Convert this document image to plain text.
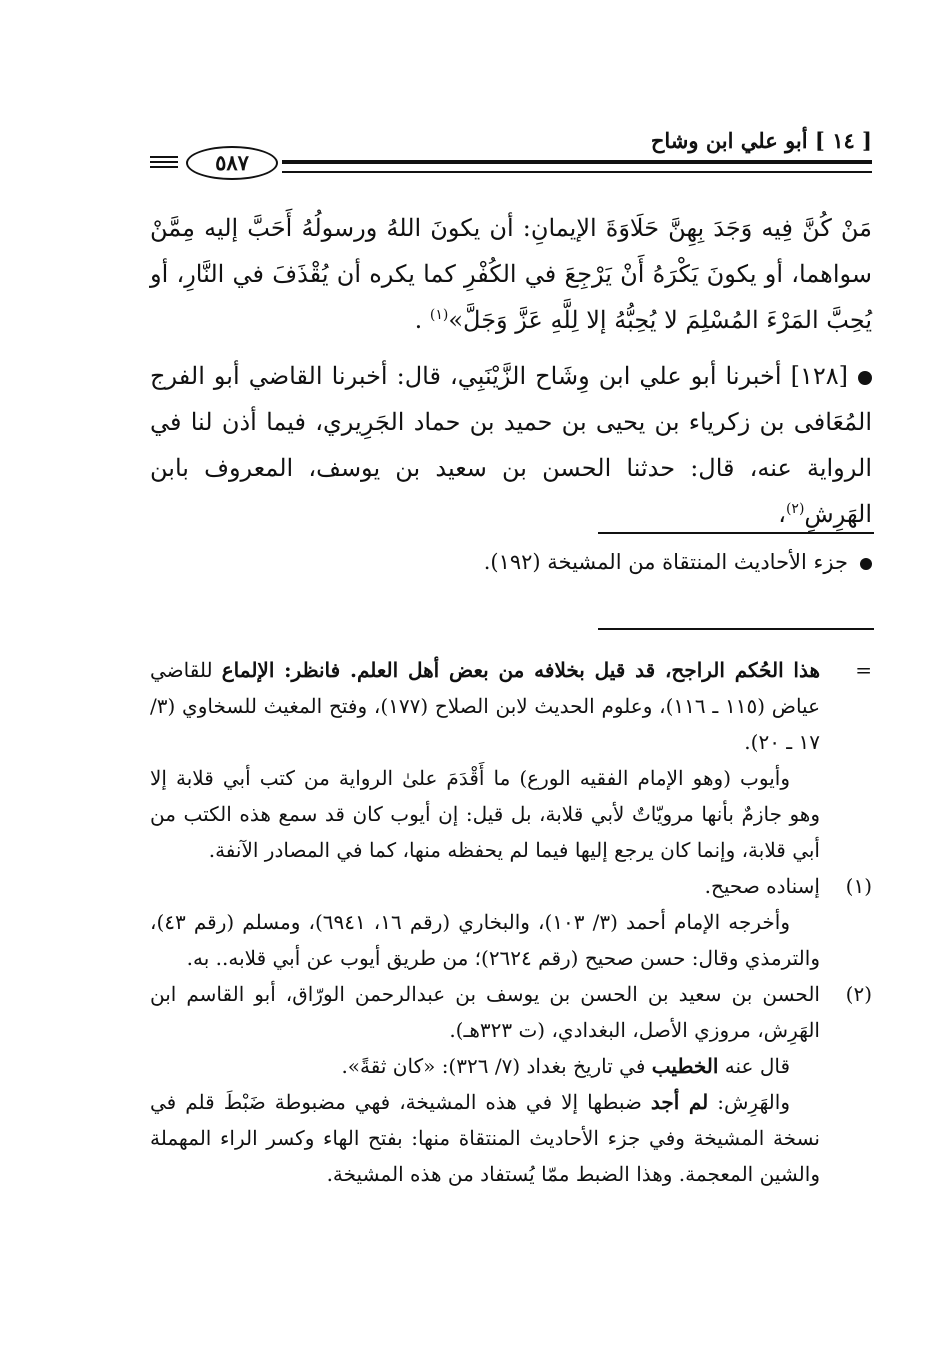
[ ١٤ ] أبو علي ابن وشاح
٥٨٧

مَنْ كُنَّ فِيه وَجَدَ بِهِنَّ حَلَاوَةَ الإيمانِ: أن يكونَ اللهُ ورسولُهُ أَحَبَّ إليه مِمَّنْ سواهما، أو يكونَ يَكْرَهُ أَنْ يَرْجِعَ في الكُفْرِ كما يكره أن يُقْذَفَ في النَّارِ، أو يُحِبَّ المَرْءَ المُسْلِمَ لا يُحِبُّهُ إلا لِلَّهِ عَزَّ وَجَلَّ»$^{(١)}$ .

[١٢٨] أخبرنا أبو علي ابن وِشَاح الزَّيْنَبِي، قال: أخبرنا القاضي أبو الفرج المُعَافى بن زكرياء بن يحيى بن حميد بن حماد الجَرِيري، فيما أذن لنا في الرواية عنه، قال: حدثنا الحسن بن سعيد بن يوسف، المعروف بابن الهَرِشِ$^{(٢)}$،

جزء الأحاديث المنتقاة من المشيخة (١٩٢).
=

هذا الحُكم الراجح، قد قيل بخلافه من بعض أهل العلم. فانظر: الإلماع للقاضي عياض (١١٥ ـ ١١٦)، وعلوم الحديث لابن الصلاح (١٧٧)، وفتح المغيث للسخاوي (٣/ ١٧ ـ ٢٠).

وأيوب (وهو الإمام الفقيه الورع) ما أَقْدَمَ علىٰ الرواية من كتب أبي قلابة إلا وهو جازمٌ بأنها مرويّاتٌ لأبي قلابة، بل قيل: إن أيوب كان قد سمع هذه الكتب من أبي قلابة، وإنما كان يرجع إليها فيما لم يحفظه منها، كما في المصادر الآنفة.

(١)

إسناده صحيح.

وأخرجه الإمام أحمد (٣/ ١٠٣)، والبخاري (رقم ١٦، ٦٩٤١)، ومسلم (رقم ٤٣)، والترمذي وقال: حسن صحيح (رقم ٢٦٢٤)؛ من طريق أيوب عن أبي قلابه.. به.

(٢)

الحسن بن سعيد بن الحسن بن يوسف بن عبدالرحمن الورّاق، أبو القاسم ابن الهَرِش، مروزي الأصل، البغدادي، (ت ٣٢٣هـ).

قال عنه الخطيب في تاريخ بغداد (٧/ ٣٢٦): «كان ثقةً».

والهَرِش: لم أجد ضبطها إلا في هذه المشيخة، فهي مضبوطة ضَبْطَ قلم في نسخة المشيخة وفي جزء الأحاديث المنتقاة منها: بفتح الهاء وكسر الراء المهملة والشين المعجمة. وهذا الضبط ممّا يُستفاد من هذه المشيخة.
